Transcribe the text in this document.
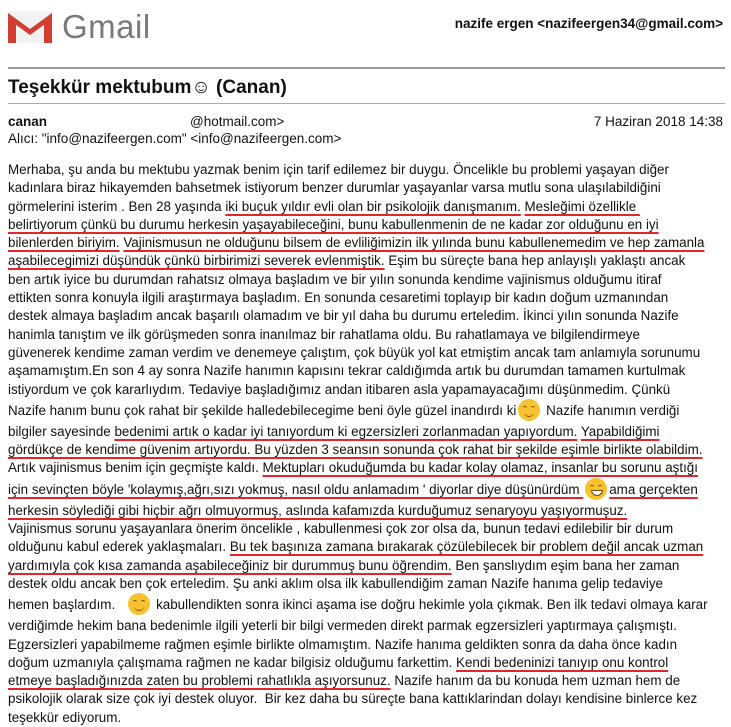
Gmail	nazife ergen <nazifeergen34@gmail.com>
Teşekkür mektubum☺ (Canan)
canan	@hotmail.com>	7 Haziran 2018 14:38
Alıcı: "info@nazifeergen.com" <info@nazifeergen.com>
Merhaba, şu anda bu mektubu yazmak benim için tarif edilemez bir duygu. Öncelikle bu problemi yaşayan diğer
kadınlara biraz hikayemden bahsetmek istiyorum benzer durumlar yaşayanlar varsa mutlu sona ulaşılabildiğini
görmelerini isterim . Ben 28 yaşında iki buçuk yıldır evli olan bir psikolojik danışmanım. Mesleğimi özellikle
belirtiyorum çünkü bu durumu herkesin yaşayabileceğini, bunu kabullenmenin de ne kadar zor olduğunu en iyi
bilenlerden biriyim. Vajinismusun ne olduğunu bilsem de evliliğimizin ilk yılında bunu kabullenemedim ve hep zamanla
aşabilecegimizi düşündük çünkü birbirimizi severek evlenmiştik. Eşim bu süreçte bana hep anlayışlı yaklaştı ancak
ben artık iyice bu durumdan rahatsız olmaya başladım ve bir yılın sonunda kendime vajinismus olduğumu itiraf
ettikten sonra konuyla ilgili araştırmaya başladım. En sonunda cesaretimi toplayıp bir kadın doğum uzmanından
destek almaya başladım ancak başarılı olamadım ve bir yıl daha bu durumu erteledim. İkinci yılın sonunda Nazife
hanimla tanıştım ve ilk görüşmeden sonra inanılmaz bir rahatlama oldu. Bu rahatlamaya ve bilgilendirmeye
güvenerek kendime zaman verdim ve denemeye çalıştım, çok büyük yol kat etmiştim ancak tam anlamıyla sorunumu
aşamamıştım.En son 4 ay sonra Nazife hanımın kapısını tekrar caldığımda artık bu durumdan tamamen kurtulmak
istiyordum ve çok kararlıydım. Tedaviye başladığımız andan itibaren asla yapamayacağımı düşünmedim. Çünkü
Nazife hanım bunu çok rahat bir şekilde halledebilecegime beni öyle güzel inandırdı ki
Nazife hanımın verdiği
bilgiler sayesinde bedenimi artık o kadar iyi tanıyordum ki egzersizleri zorlanmadan yapıyordum. Yapabildiğimi
gördükçe de kendime güvenim artıyordu. Bu yüzden 3 seansın sonunda çok rahat bir şekilde eşimle birlikte olabildim.
Artık vajinismus benim için geçmişte kaldı. Mektupları okuduğumda bu kadar kolay olamaz, insanlar bu sorunu aştığı
için sevinçten böyle 'kolaymış,ağrı,sızı yokmuş, nasıl oldu anlamadım ' diyorlar diye düşünürdüm
ama gerçekten
herkesin söylediği gibi hiçbir ağrı olmuyormuş, aslında kafamızda kurduğumuz senaryoyu yaşıyormuşuz.
Vajinismus sorunu yaşayanlara önerim öncelikle , kabullenmesi çok zor olsa da, bunun tedavi edilebilir bir durum
olduğunu kabul ederek yaklaşmaları. Bu tek başınıza zamana bırakarak çözülebilecek bir problem değil ancak uzman
yardımıyla çok kısa zamanda aşabileceğiniz bir durummuş bunu öğrendim. Ben şanslıydım eşim bana her zaman
destek oldu ancak ben çok erteledim. Şu anki aklım olsa ilk kabullendiğim zaman Nazife hanıma gelip tedaviye
hemen başlardım.
kabullendikten sonra ikinci aşama ise doğru hekimle yola çıkmak. Ben ilk tedavi olmaya karar
verdiğimde hekim bana bedenimle ilgili yeterli bir bilgi vermeden direkt parmak egzersizleri yaptırmaya çalışmıştı.
Egzersizleri yapabilmeme rağmen eşimle birlikte olmamıştım. Nazife hanıma geldikten sonra da daha önce kadın
doğum uzmanıyla çalışmama rağmen ne kadar bilgisiz olduğumu farkettim. Kendi bedeninizi tanıyıp onu kontrol
etmeye başladığınızda zaten bu problemi rahatlıkla aşıyorsunuz. Nazife hanım da bu konuda hem uzman hem de
psikolojik olarak size çok iyi destek oluyor.  Bir kez daha bu süreçte bana kattıklarindan dolayı kendisine binlerce kez
teşekkür ediyorum.
